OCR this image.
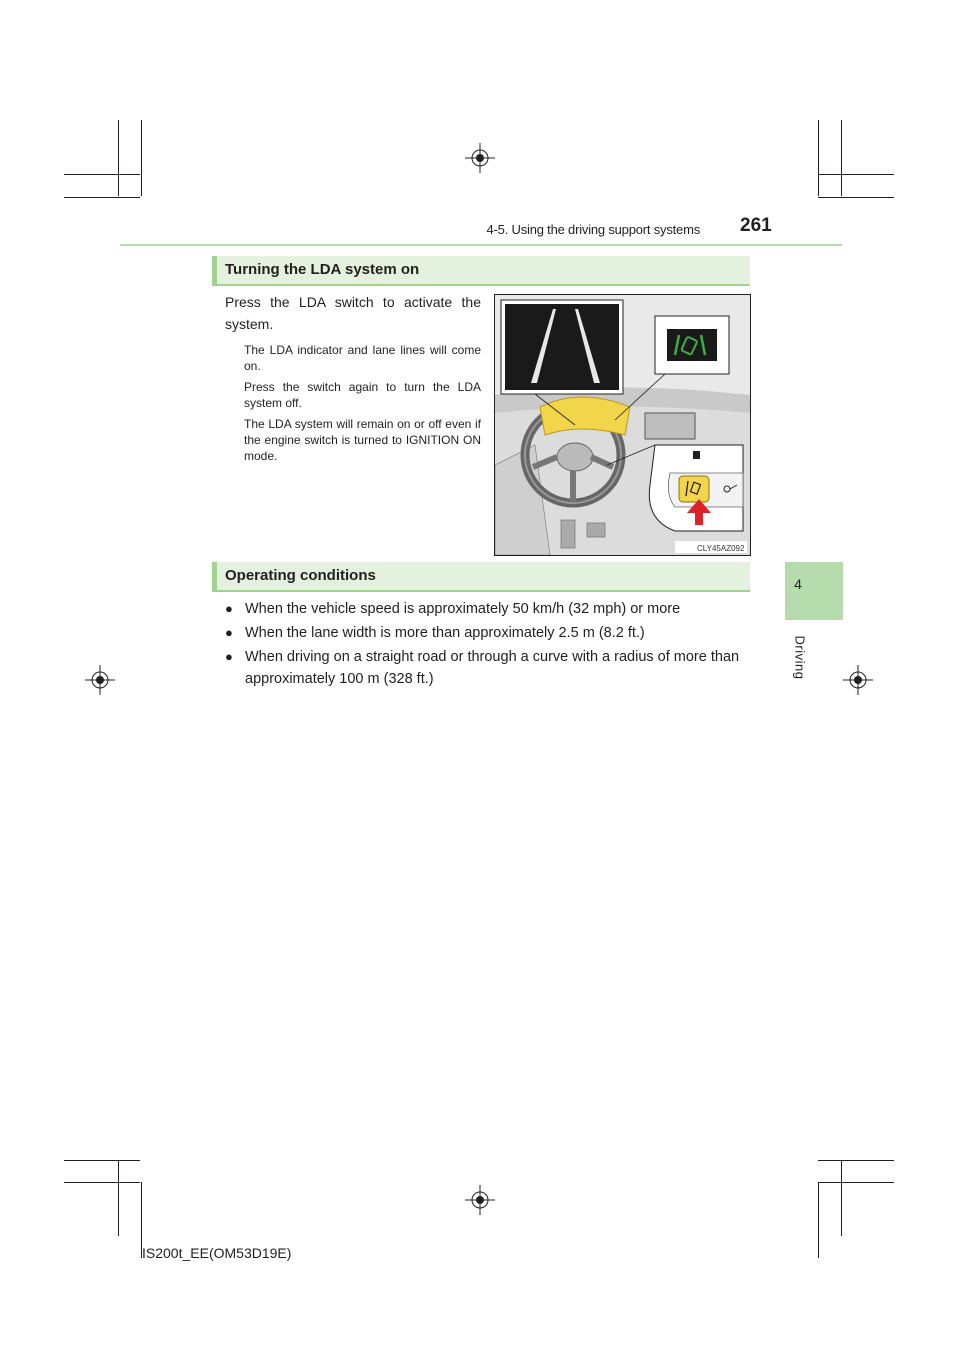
4-5. Using the driving support systems 261
4
Driving
Turning the LDA system on
Press the LDA switch to activate the system.
The LDA indicator and lane lines will come on.
Press the switch again to turn the LDA system off.
The LDA system will remain on or off even if the engine switch is turned to IGNITION ON mode.
CLY45AZ092
Operating conditions
● When the vehicle speed is approximately 50 km/h (32 mph) or more
● When the lane width is more than approximately 2.5 m (8.2 ft.)
● When driving on a straight road or through a curve with a radius of more than approximately 100 m (328 ft.)
IS200t_EE(OM53D19E)
